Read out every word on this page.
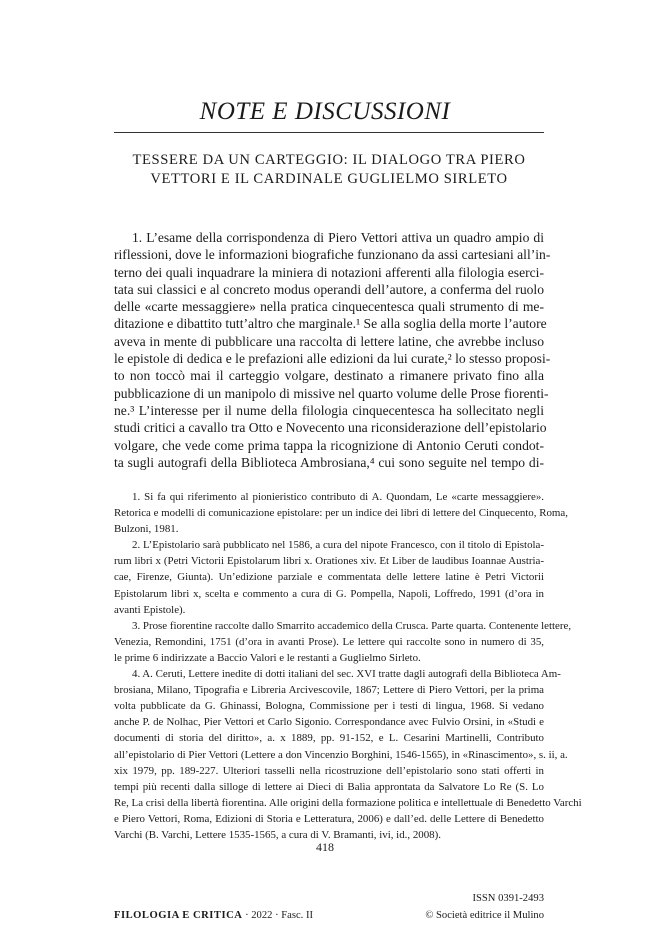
NOTE E DISCUSSIONI
TESSERE DA UN CARTEGGIO: IL DIALOGO TRA PIERO
VETTORI E IL CARDINALE GUGLIELMO SIRLETO
1. L’esame della corrispondenza di Piero Vettori attiva un quadro ampio di
riflessioni, dove le informazioni biografiche funzionano da assi cartesiani all’in-
terno dei quali inquadrare la miniera di notazioni afferenti alla filologia eserci-
tata sui classici e al concreto modus operandi dell’autore, a conferma del ruolo
delle «carte messaggiere» nella pratica cinquecentesca quali strumento di me-
ditazione e dibattito tutt’altro che marginale.¹ Se alla soglia della morte l’autore
aveva in mente di pubblicare una raccolta di lettere latine, che avrebbe incluso
le epistole di dedica e le prefazioni alle edizioni da lui curate,² lo stesso proposi-
to non toccò mai il carteggio volgare, destinato a rimanere privato fino alla
pubblicazione di un manipolo di missive nel quarto volume delle Prose fiorenti-
ne.³ L’interesse per il nume della filologia cinquecentesca ha sollecitato negli
studi critici a cavallo tra Otto e Novecento una riconsiderazione dell’epistolario
volgare, che vede come prima tappa la ricognizione di Antonio Ceruti condot-
ta sugli autografi della Biblioteca Ambrosiana,⁴ cui sono seguite nel tempo di-
1. Si fa qui riferimento al pionieristico contributo di A. Quondam, Le «carte messaggiere».
Retorica e modelli di comunicazione epistolare: per un indice dei libri di lettere del Cinquecento, Roma,
Bulzoni, 1981.
2. L’Epistolario sarà pubblicato nel 1586, a cura del nipote Francesco, con il titolo di Epistola-
rum libri x (Petri Victorii Epistolarum libri x. Orationes xiv. Et Liber de laudibus Ioannae Austria-
cae, Firenze, Giunta). Un’edizione parziale e commentata delle lettere latine è Petri Victorii
Epistolarum libri x, scelta e commento a cura di G. Pompella, Napoli, Loffredo, 1991 (d’ora in
avanti Epistole).
3. Prose fiorentine raccolte dallo Smarrito accademico della Crusca. Parte quarta. Contenente lettere,
Venezia, Remondini, 1751 (d’ora in avanti Prose). Le lettere qui raccolte sono in numero di 35,
le prime 6 indirizzate a Baccio Valori e le restanti a Guglielmo Sirleto.
4. A. Ceruti, Lettere inedite di dotti italiani del sec. XVI tratte dagli autografi della Biblioteca Am-
brosiana, Milano, Tipografia e Libreria Arcivescovile, 1867; Lettere di Piero Vettori, per la prima
volta pubblicate da G. Ghinassi, Bologna, Commissione per i testi di lingua, 1968. Si vedano
anche P. de Nolhac, Pier Vettori et Carlo Sigonio. Correspondance avec Fulvio Orsini, in «Studi e
documenti di storia del diritto», a. x 1889, pp. 91-152, e L. Cesarini Martinelli, Contributo
all’epistolario di Pier Vettori (Lettere a don Vincenzio Borghini, 1546-1565), in «Rinascimento», s. ii, a.
xix 1979, pp. 189-227. Ulteriori tasselli nella ricostruzione dell’epistolario sono stati offerti in
tempi più recenti dalla silloge di lettere ai Dieci di Balìa approntata da Salvatore Lo Re (S. Lo
Re, La crisi della libertà fiorentina. Alle origini della formazione politica e intellettuale di Benedetto Varchi
e Piero Vettori, Roma, Edizioni di Storia e Letteratura, 2006) e dall’ed. delle Lettere di Benedetto
Varchi (B. Varchi, Lettere 1535-1565, a cura di V. Bramanti, ivi, id., 2008).
418
ISSN 0391-2493
FILOLOGIA E CRITICA · 2022 · Fasc. II	© Società editrice il Mulino
